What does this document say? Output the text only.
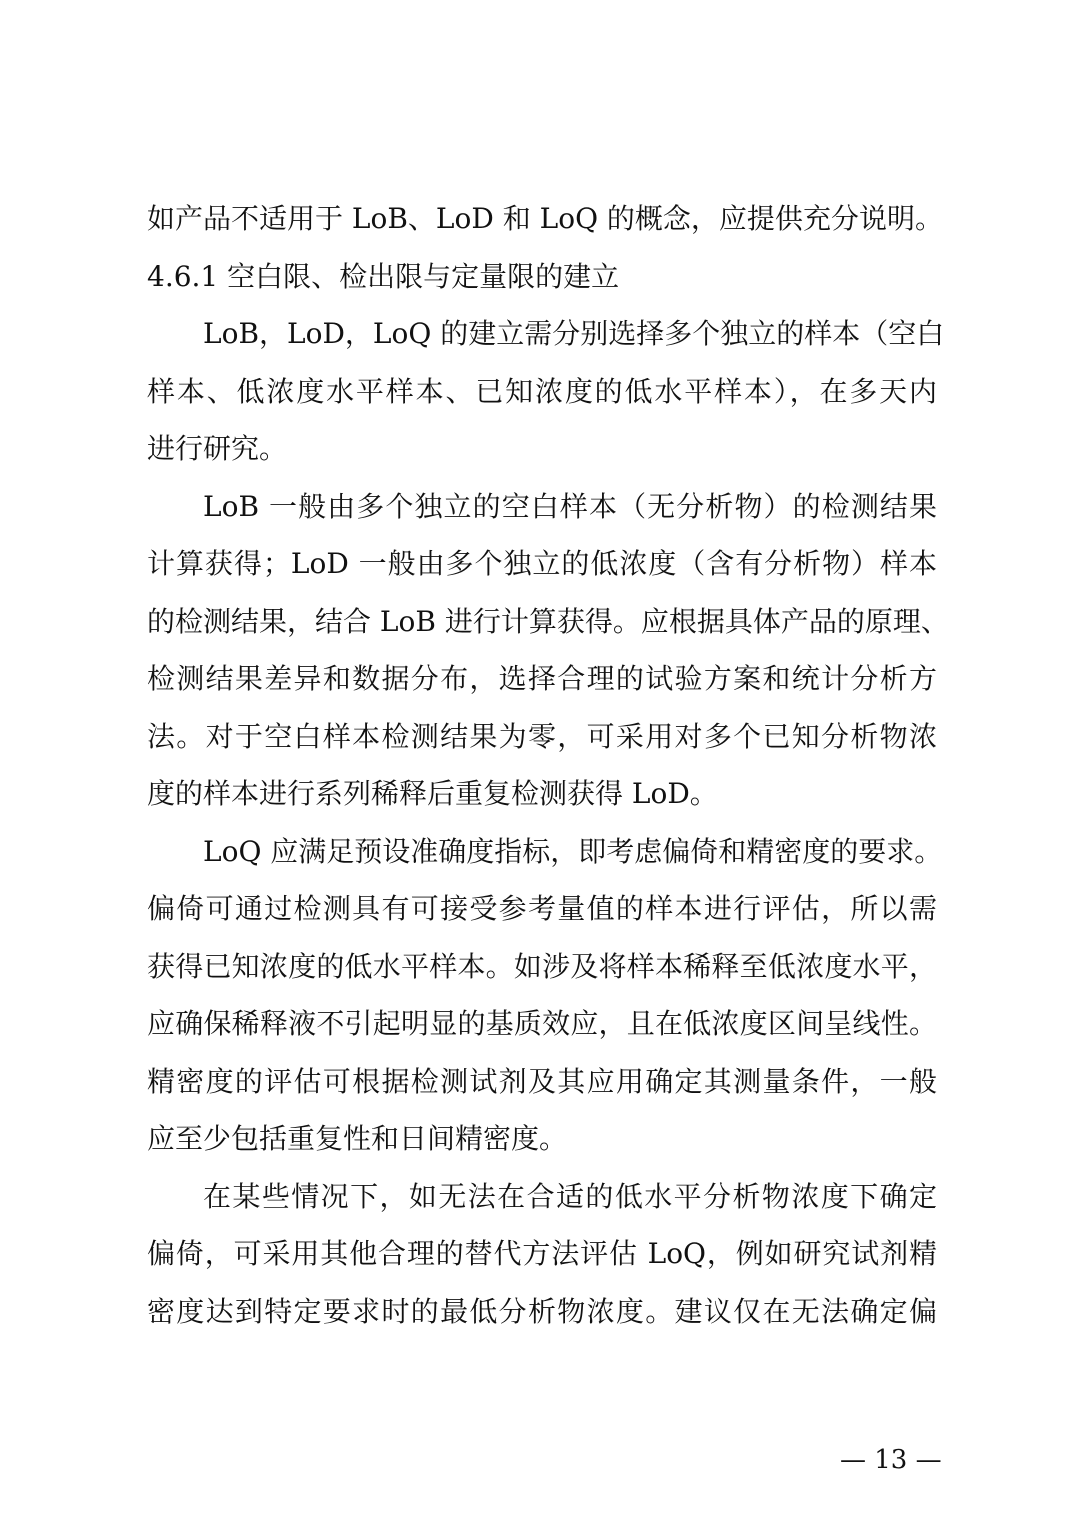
如产品不适用于 LoB、LoD 和 LoQ 的概念，应提供充分说明。
4.6.1 空白限、检出限与定量限的建立
LoB，LoD，LoQ 的建立需分别选择多个独立的样本（空白
样本、低浓度水平样本、已知浓度的低水平样本），在多天内
进行研究。
LoB 一般由多个独立的空白样本（无分析物）的检测结果
计算获得；LoD 一般由多个独立的低浓度（含有分析物）样本
的检测结果，结合 LoB 进行计算获得。应根据具体产品的原理、
检测结果差异和数据分布，选择合理的试验方案和统计分析方
法。对于空白样本检测结果为零，可采用对多个已知分析物浓
度的样本进行系列稀释后重复检测获得 LoD。
LoQ 应满足预设准确度指标，即考虑偏倚和精密度的要求。
偏倚可通过检测具有可接受参考量值的样本进行评估，所以需
获得已知浓度的低水平样本。如涉及将样本稀释至低浓度水平，
应确保稀释液不引起明显的基质效应，且在低浓度区间呈线性。
精密度的评估可根据检测试剂及其应用确定其测量条件，一般
应至少包括重复性和日间精密度。
在某些情况下，如无法在合适的低水平分析物浓度下确定
偏倚，可采用其他合理的替代方法评估 LoQ，例如研究试剂精
密度达到特定要求时的最低分析物浓度。建议仅在无法确定偏
— 13 —
